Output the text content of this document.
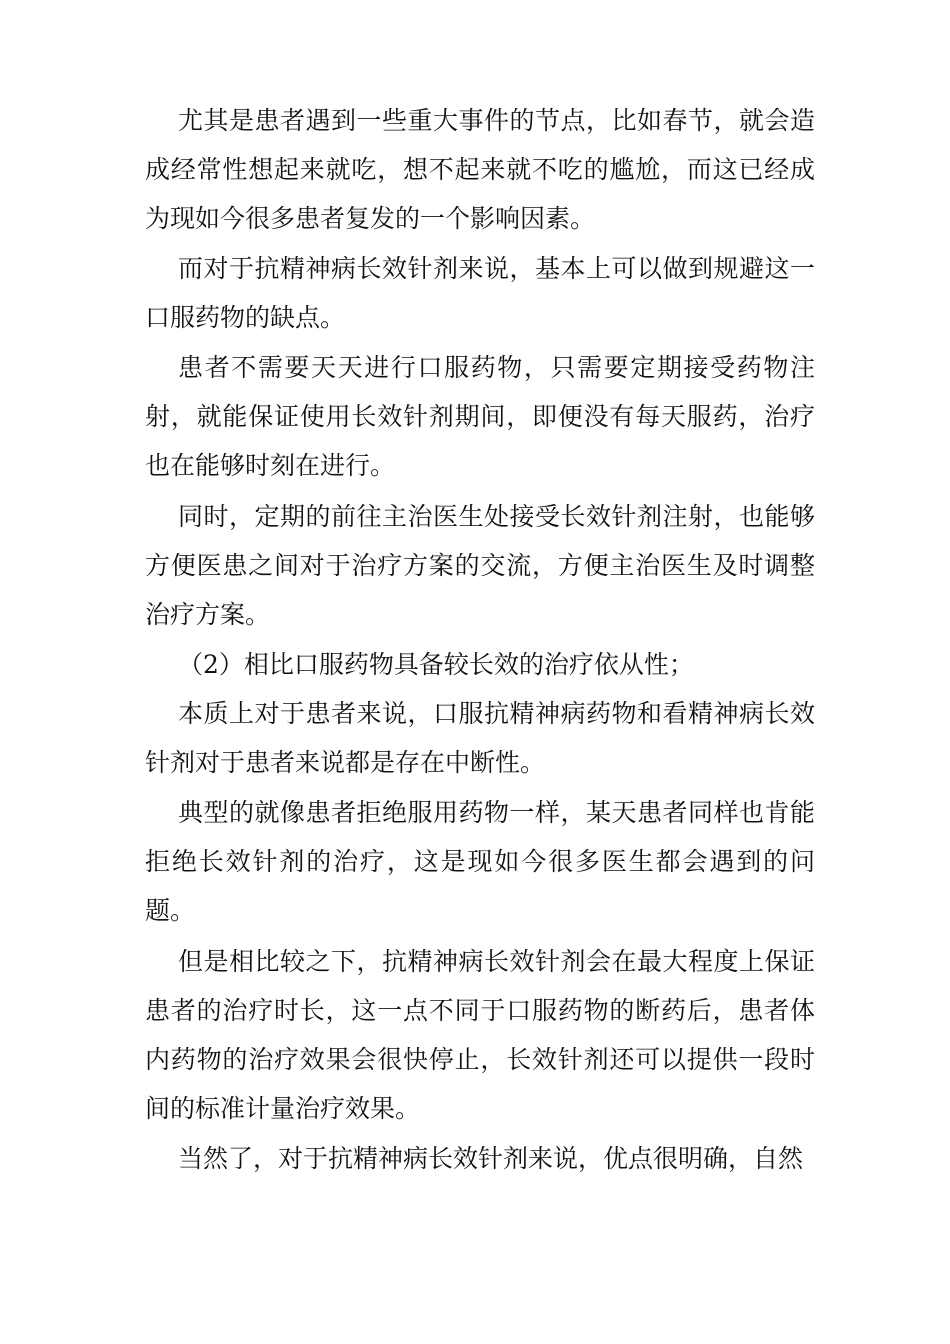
尤其是患者遇到一些重大事件的节点，比如春节，就会造成经常性想起来就吃，想不起来就不吃的尴尬，而这已经成为现如今很多患者复发的一个影响因素。

而对于抗精神病长效针剂来说，基本上可以做到规避这一口服药物的缺点。

患者不需要天天进行口服药物，只需要定期接受药物注射，就能保证使用长效针剂期间，即便没有每天服药，治疗也在能够时刻在进行。

同时，定期的前往主治医生处接受长效针剂注射，也能够方便医患之间对于治疗方案的交流，方便主治医生及时调整治疗方案。

（2）相比口服药物具备较长效的治疗依从性；

本质上对于患者来说，口服抗精神病药物和看精神病长效针剂对于患者来说都是存在中断性。

典型的就像患者拒绝服用药物一样，某天患者同样也肯能拒绝长效针剂的治疗，这是现如今很多医生都会遇到的问题。

但是相比较之下，抗精神病长效针剂会在最大程度上保证患者的治疗时长，这一点不同于口服药物的断药后，患者体内药物的治疗效果会很快停止，长效针剂还可以提供一段时间的标准计量治疗效果。

当然了，对于抗精神病长效针剂来说，优点很明确，自然
